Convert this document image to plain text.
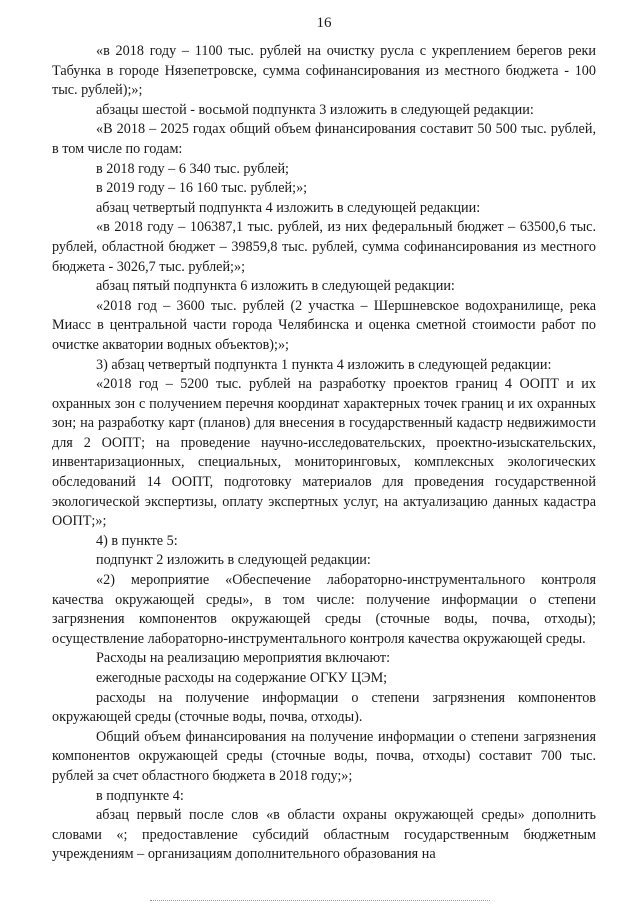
16

«в 2018 году – 1100 тыс. рублей на очистку русла с укреплением берегов реки Табунка в городе Нязепетровске, сумма софинансирования из местного бюджета - 100 тыс. рублей);»;

абзацы шестой - восьмой подпункта 3 изложить в следующей редакции:

«В 2018 – 2025 годах общий объем финансирования составит 50 500 тыс. рублей, в том числе по годам:

в 2018 году – 6 340 тыс. рублей;

в 2019 году – 16 160 тыс. рублей;»;

абзац четвертый подпункта 4 изложить в следующей редакции:

«в 2018 году – 106387,1 тыс. рублей, из них федеральный бюджет – 63500,6 тыс. рублей, областной бюджет – 39859,8 тыс. рублей, сумма софинансирования из местного бюджета - 3026,7 тыс. рублей;»;

абзац пятый подпункта 6 изложить в следующей редакции:

«2018 год – 3600 тыс. рублей (2 участка – Шершневское водохранилище, река Миасс в центральной части города Челябинска и оценка сметной стоимости работ по очистке акватории водных объектов);»;

3) абзац четвертый подпункта 1 пункта 4 изложить в следующей редакции:

«2018 год – 5200 тыс. рублей на разработку проектов границ 4 ООПТ и их охранных зон с получением перечня координат характерных точек границ и их охранных зон; на разработку карт (планов) для внесения в государственный кадастр недвижимости для 2 ООПТ; на проведение научно-исследовательских, проектно-изыскательских, инвентаризационных, специальных, мониторинговых, комплексных экологических обследований 14 ООПТ, подготовку материалов для проведения государственной экологической экспертизы, оплату экспертных услуг, на актуализацию данных кадастра ООПТ;»;

4) в пункте 5:

подпункт 2 изложить в следующей редакции:

«2) мероприятие «Обеспечение лабораторно-инструментального контроля качества окружающей среды», в том числе: получение информации о степени загрязнения компонентов окружающей среды (сточные воды, почва, отходы); осуществление лабораторно-инструментального контроля качества окружающей среды.

Расходы на реализацию мероприятия включают:

ежегодные расходы на содержание ОГКУ ЦЭМ;

расходы на получение информации о степени загрязнения компонентов окружающей среды (сточные воды, почва, отходы).

Общий объем финансирования на получение информации о степени загрязнения компонентов окружающей среды (сточные воды, почва, отходы) составит 700 тыс. рублей за счет областного бюджета в 2018 году;»;

в подпункте 4:

абзац первый после слов «в области охраны окружающей среды» дополнить словами «; предоставление субсидий областным государственным бюджетным учреждениям – организациям дополнительного образования на
